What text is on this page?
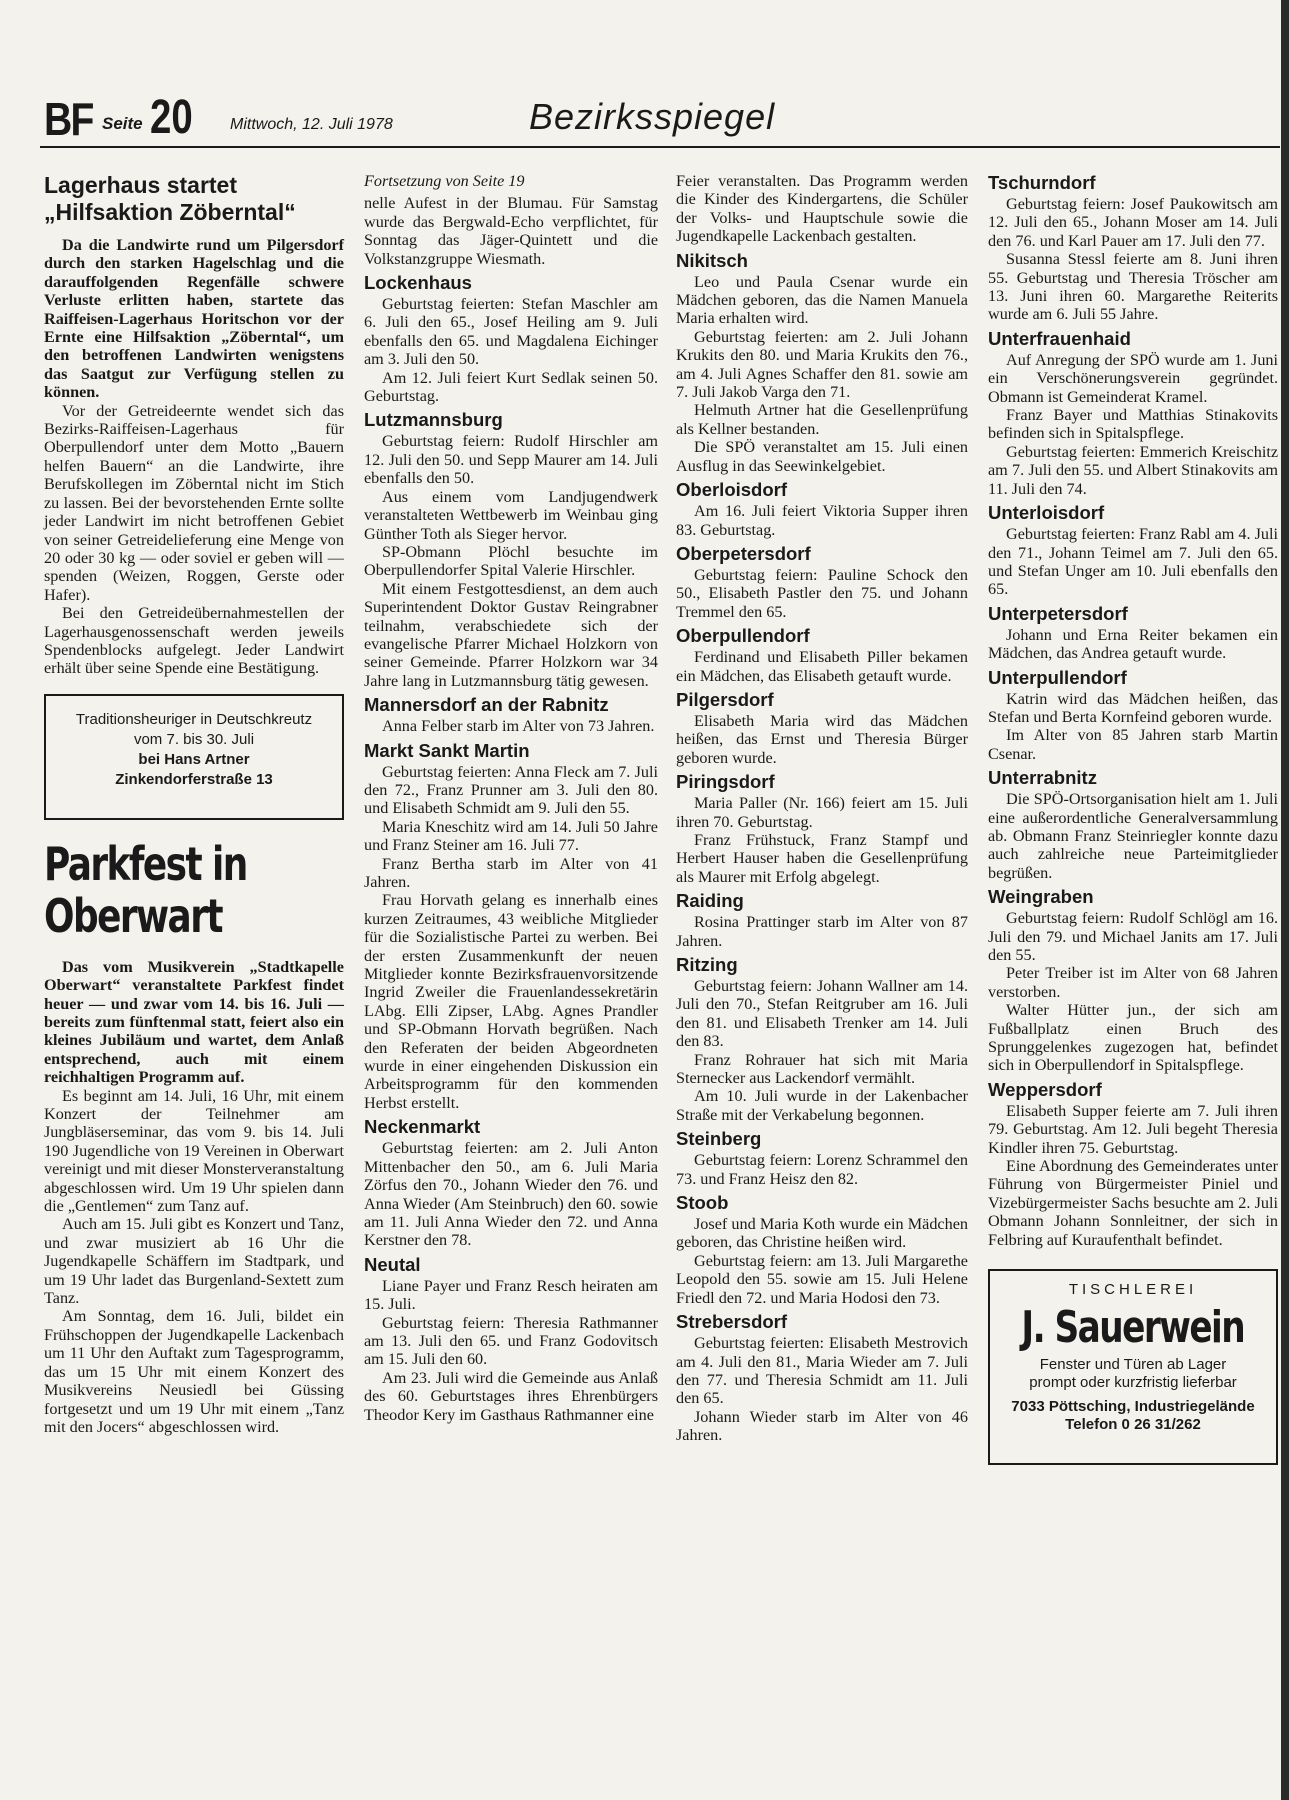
BF Seite 20 Mittwoch, 12. Juli 1978	Bezirksspiegel
Lagerhaus startet „Hilfsaktion Zöberntal“

Da die Landwirte rund um Pilgersdorf durch den starken Hagelschlag und die darauffolgenden Regenfälle schwere Verluste erlitten haben, startete das Raiffeisen-Lagerhaus Horitschon vor der Ernte eine Hilfsaktion „Zöberntal“, um den betroffenen Landwirten wenigstens das Saatgut zur Verfügung stellen zu können.

Vor der Getreideernte wendet sich das Bezirks-Raiffeisen-Lagerhaus für Oberpullendorf unter dem Motto „Bauern helfen Bauern“ an die Landwirte, ihre Berufskollegen im Zöberntal nicht im Stich zu lassen. Bei der bevorstehenden Ernte sollte jeder Landwirt im nicht betroffenen Gebiet von seiner Getreidelieferung eine Menge von 20 oder 30 kg — oder soviel er geben will — spenden (Weizen, Roggen, Gerste oder Hafer).

Bei den Getreideübernahmestellen der Lagerhausgenossenschaft werden jeweils Spendenblocks aufgelegt. Jeder Landwirt erhält über seine Spende eine Bestätigung.

Traditionsheuriger in Deutschkreutz
vom 7. bis 30. Juli
bei Hans Artner
Zinkendorferstraße 13
Parkfest in
Oberwart

Das vom Musikverein „Stadtkapelle Oberwart“ veranstaltete Parkfest findet heuer — und zwar vom 14. bis 16. Juli — bereits zum fünftenmal statt, feiert also ein kleines Jubiläum und wartet, dem Anlaß entsprechend, auch mit einem reichhaltigen Programm auf.

Es beginnt am 14. Juli, 16 Uhr, mit einem Konzert der Teilnehmer am Jungbläserseminar, das vom 9. bis 14. Juli 190 Jugendliche von 19 Vereinen in Oberwart vereinigt und mit dieser Monsterveranstaltung abgeschlossen wird. Um 19 Uhr spielen dann die „Gentlemen“ zum Tanz auf.

Auch am 15. Juli gibt es Konzert und Tanz, und zwar musiziert ab 16 Uhr die Jugendkapelle Schäffern im Stadtpark, und um 19 Uhr ladet das Burgenland-Sextett zum Tanz.

Am Sonntag, dem 16. Juli, bildet ein Frühschoppen der Jugendkapelle Lackenbach um 11 Uhr den Auftakt zum Tagesprogramm, das um 15 Uhr mit einem Konzert des Musikvereins Neusiedl bei Güssing fortgesetzt und um 19 Uhr mit einem „Tanz mit den Jocers“ abgeschlossen wird.

Fortsetzung von Seite 19

nelle Aufest in der Blumau. Für Samstag wurde das Bergwald-Echo verpflichtet, für Sonntag das Jäger-Quintett und die Volkstanzgruppe Wiesmath.

Lockenhaus

Geburtstag feierten: Stefan Maschler am 6. Juli den 65., Josef Heiling am 9. Juli ebenfalls den 65. und Magdalena Eichinger am 3. Juli den 50.

Am 12. Juli feiert Kurt Sedlak seinen 50. Geburtstag.

Lutzmannsburg

Geburtstag feiern: Rudolf Hirschler am 12. Juli den 50. und Sepp Maurer am 14. Juli ebenfalls den 50.

Aus einem vom Landjugendwerk veranstalteten Wettbewerb im Weinbau ging Günther Toth als Sieger hervor.

SP-Obmann Plöchl besuchte im Oberpullendorfer Spital Valerie Hirschler.

Mit einem Festgottesdienst, an dem auch Superintendent Doktor Gustav Reingrabner teilnahm, verabschiedete sich der evangelische Pfarrer Michael Holzkorn von seiner Gemeinde. Pfarrer Holzkorn war 34 Jahre lang in Lutzmannsburg tätig gewesen.

Mannersdorf an der Rabnitz

Anna Felber starb im Alter von 73 Jahren.

Markt Sankt Martin

Geburtstag feierten: Anna Fleck am 7. Juli den 72., Franz Prunner am 3. Juli den 80. und Elisabeth Schmidt am 9. Juli den 55.

Maria Kneschitz wird am 14. Juli 50 Jahre und Franz Steiner am 16. Juli 77.

Franz Bertha starb im Alter von 41 Jahren.

Frau Horvath gelang es innerhalb eines kurzen Zeitraumes, 43 weibliche Mitglieder für die Sozialistische Partei zu werben. Bei der ersten Zusammenkunft der neuen Mitglieder konnte Bezirksfrauenvorsitzende Ingrid Zweiler die Frauenlandessekretärin LAbg. Elli Zipser, LAbg. Agnes Prandler und SP-Obmann Horvath begrüßen. Nach den Referaten der beiden Abgeordneten wurde in einer eingehenden Diskussion ein Arbeitsprogramm für den kommenden Herbst erstellt.

Neckenmarkt

Geburtstag feierten: am 2. Juli Anton Mittenbacher den 50., am 6. Juli Maria Zörfus den 70., Johann Wieder den 76. und Anna Wieder (Am Steinbruch) den 60. sowie am 11. Juli Anna Wieder den 72. und Anna Kerstner den 78.

Neutal

Liane Payer und Franz Resch heiraten am 15. Juli.

Geburtstag feiern: Theresia Rathmanner am 13. Juli den 65. und Franz Godovitsch am 15. Juli den 60.

Am 23. Juli wird die Gemeinde aus Anlaß des 60. Geburtstages ihres Ehrenbürgers Theodor Kery im Gasthaus Rathmanner eine

Feier veranstalten. Das Programm werden die Kinder des Kindergartens, die Schüler der Volks- und Hauptschule sowie die Jugendkapelle Lackenbach gestalten.

Nikitsch

Leo und Paula Csenar wurde ein Mädchen geboren, das die Namen Manuela Maria erhalten wird.

Geburtstag feierten: am 2. Juli Johann Krukits den 80. und Maria Krukits den 76., am 4. Juli Agnes Schaffer den 81. sowie am 7. Juli Jakob Varga den 71.

Helmuth Artner hat die Gesellenprüfung als Kellner bestanden.

Die SPÖ veranstaltet am 15. Juli einen Ausflug in das Seewinkelgebiet.

Oberloisdorf

Am 16. Juli feiert Viktoria Supper ihren 83. Geburtstag.

Oberpetersdorf

Geburtstag feiern: Pauline Schock den 50., Elisabeth Pastler den 75. und Johann Tremmel den 65.

Oberpullendorf

Ferdinand und Elisabeth Piller bekamen ein Mädchen, das Elisabeth getauft wurde.

Pilgersdorf

Elisabeth Maria wird das Mädchen heißen, das Ernst und Theresia Bürger geboren wurde.

Piringsdorf

Maria Paller (Nr. 166) feiert am 15. Juli ihren 70. Geburtstag.

Franz Frühstuck, Franz Stampf und Herbert Hauser haben die Gesellenprüfung als Maurer mit Erfolg abgelegt.

Raiding

Rosina Prattinger starb im Alter von 87 Jahren.

Ritzing

Geburtstag feiern: Johann Wallner am 14. Juli den 70., Stefan Reitgruber am 16. Juli den 81. und Elisabeth Trenker am 14. Juli den 83.

Franz Rohrauer hat sich mit Maria Sternecker aus Lackendorf vermählt.

Am 10. Juli wurde in der Lakenbacher Straße mit der Verkabelung begonnen.

Steinberg

Geburtstag feiern: Lorenz Schrammel den 73. und Franz Heisz den 82.

Stoob

Josef und Maria Koth wurde ein Mädchen geboren, das Christine heißen wird.

Geburtstag feiern: am 13. Juli Margarethe Leopold den 55. sowie am 15. Juli Helene Friedl den 72. und Maria Hodosi den 73.

Strebersdorf

Geburtstag feierten: Elisabeth Mestrovich am 4. Juli den 81., Maria Wieder am 7. Juli den 77. und Theresia Schmidt am 11. Juli den 65.

Johann Wieder starb im Alter von 46 Jahren.

Tschurndorf

Geburtstag feiern: Josef Paukowitsch am 12. Juli den 65., Johann Moser am 14. Juli den 76. und Karl Pauer am 17. Juli den 77.

Susanna Stessl feierte am 8. Juni ihren 55. Geburtstag und Theresia Tröscher am 13. Juni ihren 60. Margarethe Reiterits wurde am 6. Juli 55 Jahre.

Unterfrauenhaid

Auf Anregung der SPÖ wurde am 1. Juni ein Verschönerungsverein gegründet. Obmann ist Gemeinderat Kramel.

Franz Bayer und Matthias Stinakovits befinden sich in Spitalspflege.

Geburtstag feierten: Emmerich Kreischitz am 7. Juli den 55. und Albert Stinakovits am 11. Juli den 74.

Unterloisdorf

Geburtstag feierten: Franz Rabl am 4. Juli den 71., Johann Teimel am 7. Juli den 65. und Stefan Unger am 10. Juli ebenfalls den 65.

Unterpetersdorf

Johann und Erna Reiter bekamen ein Mädchen, das Andrea getauft wurde.

Unterpullendorf

Katrin wird das Mädchen heißen, das Stefan und Berta Kornfeind geboren wurde.

Im Alter von 85 Jahren starb Martin Csenar.

Unterrabnitz

Die SPÖ-Ortsorganisation hielt am 1. Juli eine außerordentliche Generalversammlung ab. Obmann Franz Steinriegler konnte dazu auch zahlreiche neue Parteimitglieder begrüßen.

Weingraben

Geburtstag feiern: Rudolf Schlögl am 16. Juli den 79. und Michael Janits am 17. Juli den 55.

Peter Treiber ist im Alter von 68 Jahren verstorben.

Walter Hütter jun., der sich am Fußballplatz einen Bruch des Sprunggelenkes zugezogen hat, befindet sich in Oberpullendorf in Spitalspflege.

Weppersdorf

Elisabeth Supper feierte am 7. Juli ihren 79. Geburtstag. Am 12. Juli begeht Theresia Kindler ihren 75. Geburtstag.

Eine Abordnung des Gemeinderates unter Führung von Bürgermeister Piniel und Vizebürgermeister Sachs besuchte am 2. Juli Obmann Johann Sonnleitner, der sich in Felbring auf Kuraufenthalt befindet.

TISCHLEREI
J. Sauerwein
Fenster und Türen ab Lager
prompt oder kurzfristig lieferbar
7033 Pöttsching, Industriegelände
Telefon 0 26 31/262
